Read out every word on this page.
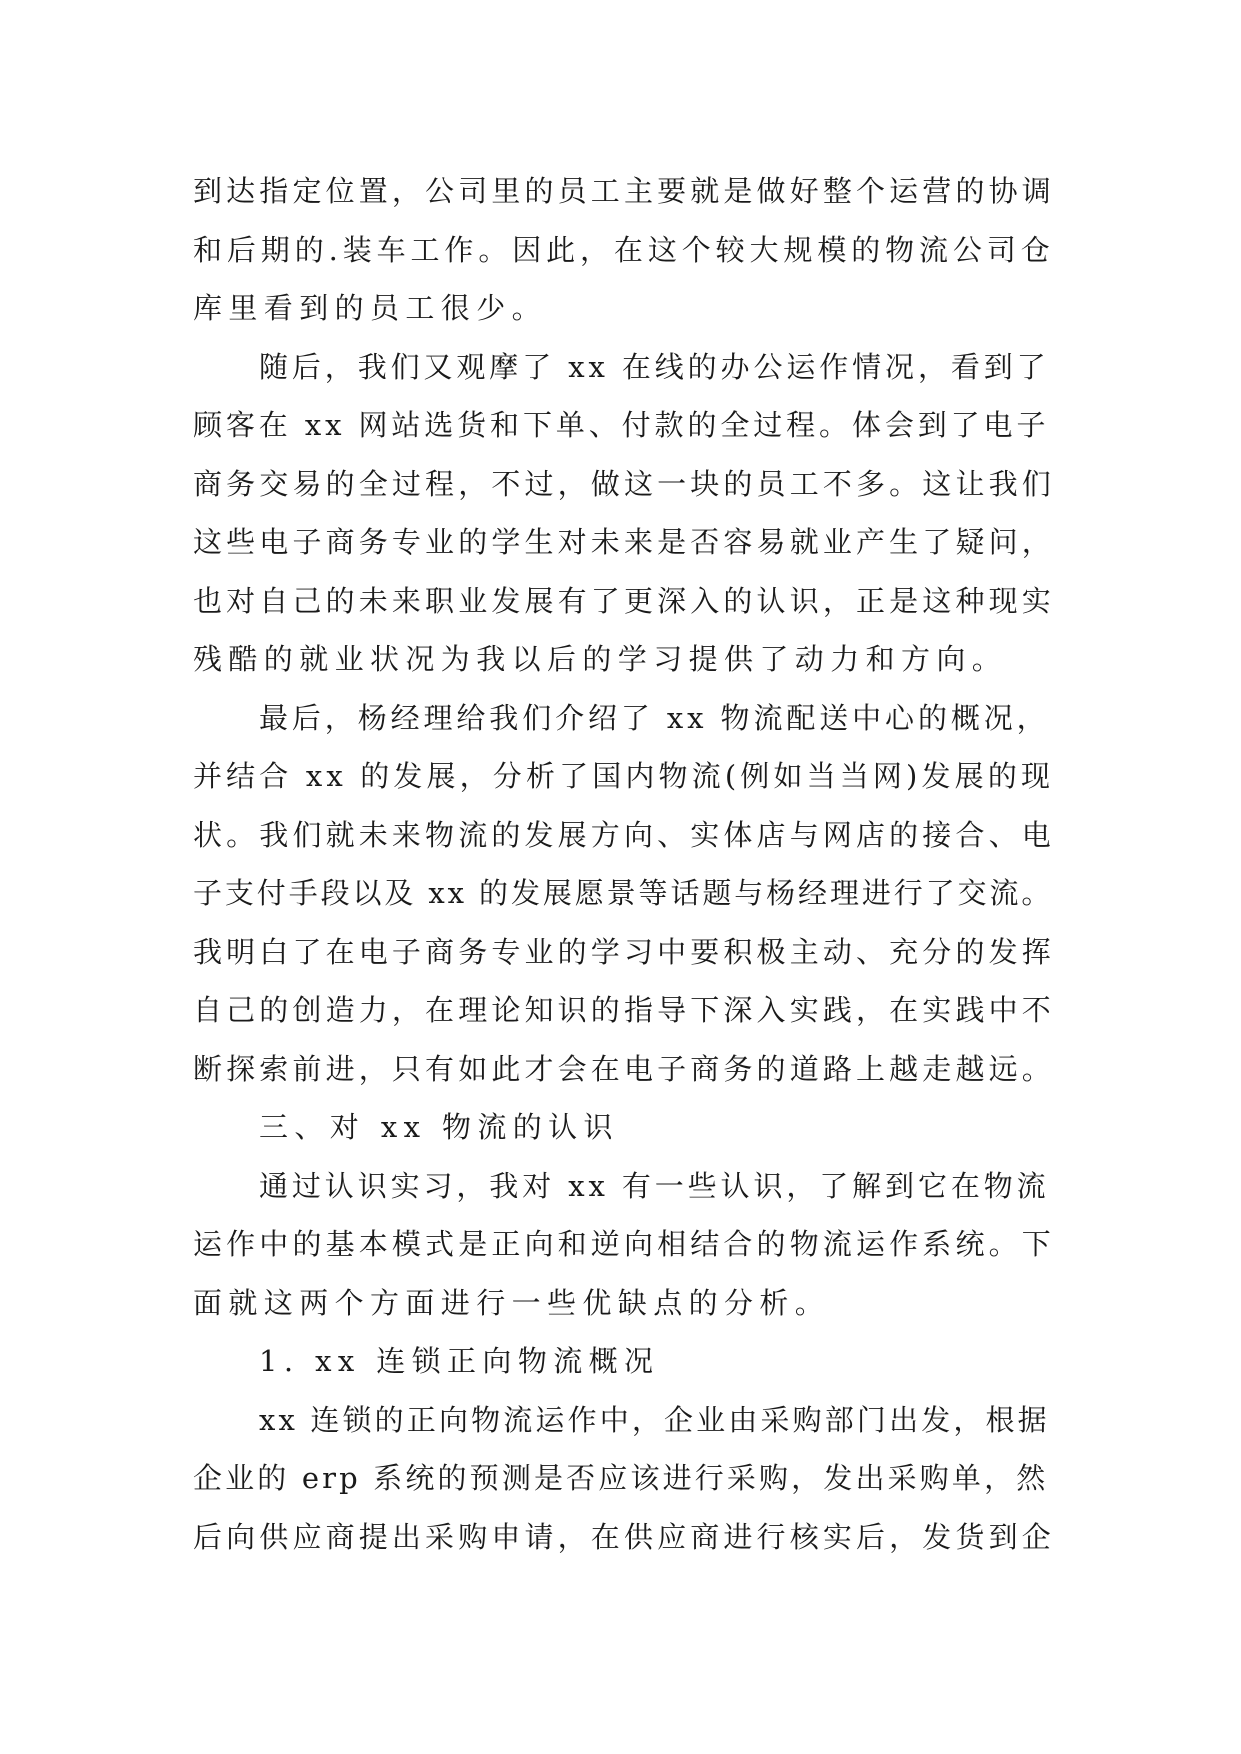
到达指定位置，公司里的员工主要就是做好整个运营的协调
和后期的.装车工作。因此，在这个较大规模的物流公司仓
库里看到的员工很少。
随后，我们又观摩了 xx 在线的办公运作情况，看到了
顾客在 xx 网站选货和下单、付款的全过程。体会到了电子
商务交易的全过程，不过，做这一块的员工不多。这让我们
这些电子商务专业的学生对未来是否容易就业产生了疑问，
也对自己的未来职业发展有了更深入的认识，正是这种现实
残酷的就业状况为我以后的学习提供了动力和方向。
最后，杨经理给我们介绍了 xx 物流配送中心的概况，
并结合 xx 的发展，分析了国内物流(例如当当网)发展的现
状。我们就未来物流的发展方向、实体店与网店的接合、电
子支付手段以及 xx 的发展愿景等话题与杨经理进行了交流。
我明白了在电子商务专业的学习中要积极主动、充分的发挥
自己的创造力，在理论知识的指导下深入实践，在实践中不
断探索前进，只有如此才会在电子商务的道路上越走越远。
三、对 xx 物流的认识
通过认识实习，我对 xx 有一些认识，了解到它在物流
运作中的基本模式是正向和逆向相结合的物流运作系统。下
面就这两个方面进行一些优缺点的分析。
1. xx 连锁正向物流概况
xx 连锁的正向物流运作中，企业由采购部门出发，根据
企业的 erp 系统的预测是否应该进行采购，发出采购单，然
后向供应商提出采购申请，在供应商进行核实后，发货到企
